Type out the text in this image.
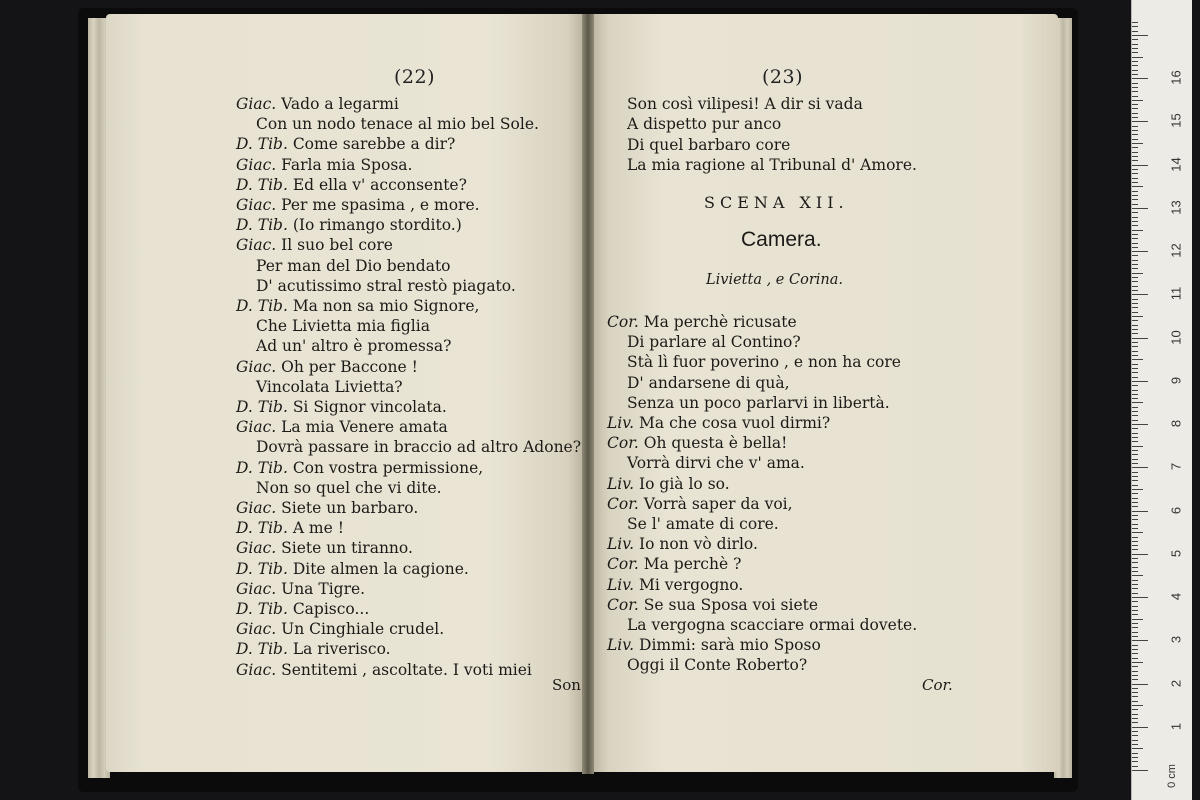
(22)	(23)
Giac. Vado a legarmi
Con un nodo tenace al mio bel Sole.
D. Tib. Come sarebbe a dir?
Giac. Farla mia Sposa.
D. Tib. Ed ella v' acconsente?
Giac. Per me spasima , e more.
D. Tib. (Io rimango stordito.)
Giac. Il suo bel core
Per man del Dio bendato
D' acutissimo stral restò piagato.
D. Tib. Ma non sa mio Signore,
Che Livietta mia figlia
Ad un' altro è promessa?
Giac. Oh per Baccone !
Vincolata Livietta?
D. Tib. Si Signor vincolata.
Giac. La mia Venere amata
Dovrà passare in braccio ad altro Adone?
D. Tib. Con vostra permissione,
Non so quel che vi dite.
Giac. Siete un barbaro.
D. Tib. A me !
Giac. Siete un tiranno.
D. Tib. Dite almen la cagione.
Giac. Una Tigre.
D. Tib. Capisco...
Giac. Un Cinghiale crudel.
D. Tib. La riverisco.
Giac. Sentitemi , ascoltate. I voti miei
Son
Son così vilipesi! A dir si vada
A dispetto pur anco
Di quel barbaro core
La mia ragione al Tribunal d' Amore.
SCENA XII.
Camera.
Livietta , e Corina.
Cor. Ma perchè ricusate
Di parlare al Contino?
Stà lì fuor poverino , e non ha core
D' andarsene di quà,
Senza un poco parlarvi in libertà.
Liv. Ma che cosa vuol dirmi?
Cor. Oh questa è bella!
Vorrà dirvi che v' ama.
Liv. Io già lo so.
Cor. Vorrà saper da voi,
Se l' amate di core.
Liv. Io non vò dirlo.
Cor. Ma perchè ?
Liv. Mi vergogno.
Cor. Se sua Sposa voi siete
La vergogna scacciare ormai dovete.
Liv. Dimmi: sarà mio Sposo
Oggi il Conte Roberto?
Cor.
16
15
14
13
12
11
10
9
8
7
6
5
4
3
2
1
0 cm
